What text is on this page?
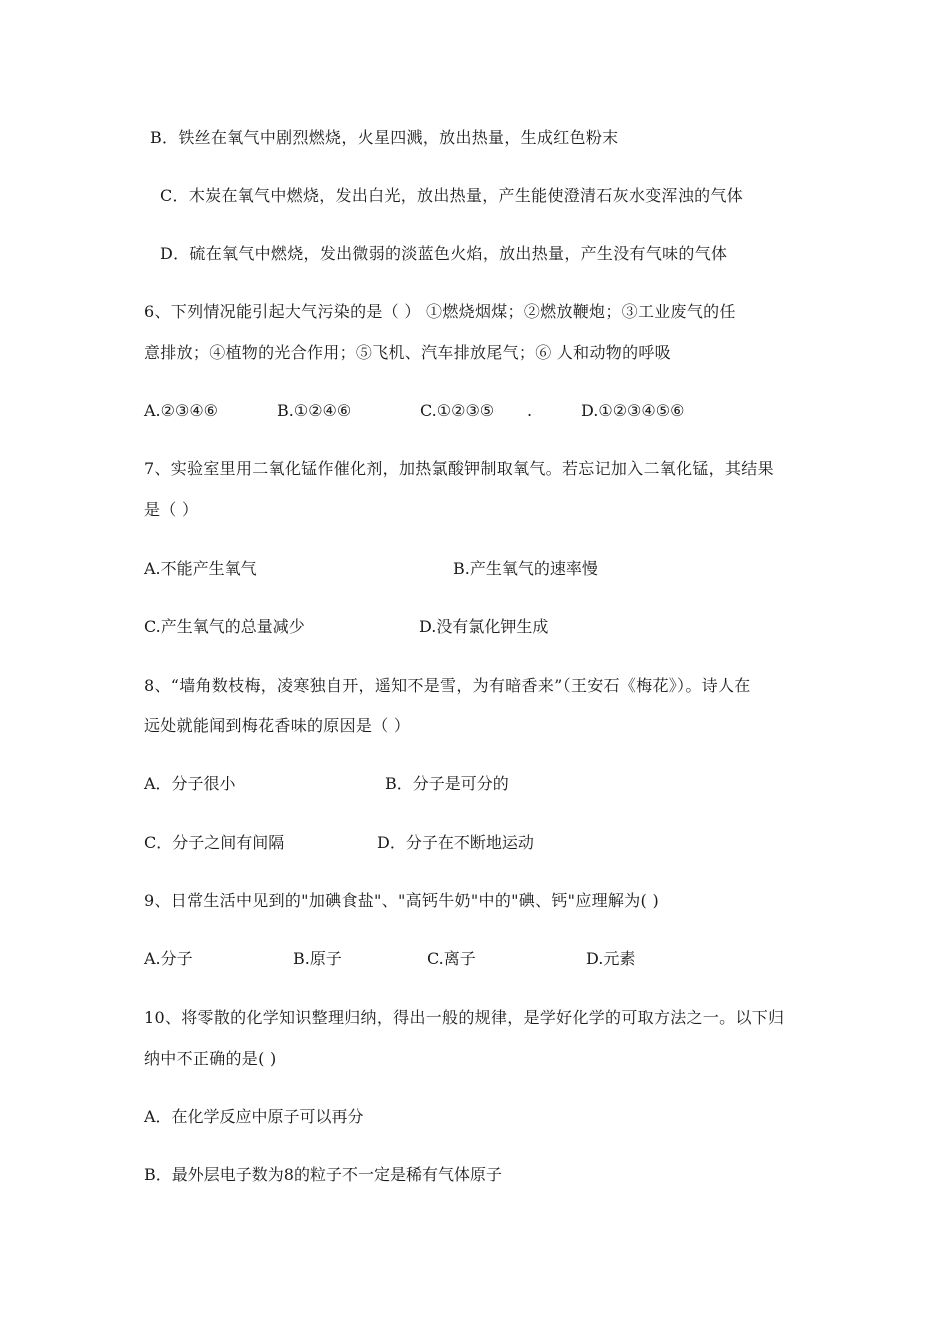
B．铁丝在氧气中剧烈燃烧，火星四溅，放出热量，生成红色粉末
C．木炭在氧气中燃烧，发出白光，放出热量，产生能使澄清石灰水变浑浊的气体
D．硫在氧气中燃烧，发出微弱的淡蓝色火焰，放出热量，产生没有气味的气体
6、下列情况能引起大气污染的是（ ） ①燃烧烟煤；②燃放鞭炮；③工业废气的任
意排放；④植物的光合作用；⑤飞机、汽车排放尾气；⑥ 人和动物的呼吸
A.②③④⑥	B.①②④⑥	C.①②③⑤ .	D.①②③④⑤⑥
7、实验室里用二氧化锰作催化剂，加热氯酸钾制取氧气。若忘记加入二氧化锰，其结果
是（ ）
A.不能产生氧气	B.产生氧气的速率慢
C.产生氧气的总量减少	D.没有氯化钾生成
8、“墙角数枝梅，凌寒独自开，遥知不是雪，为有暗香来”（王安石《梅花》）。诗人在
远处就能闻到梅花香味的原因是（ ）
A．分子很小	B．分子是可分的
C．分子之间有间隔	D．分子在不断地运动
9、日常生活中见到的"加碘食盐"、"高钙牛奶"中的"碘、钙"应理解为( )
A.分子	B.原子	C.离子	D.元素
10、将零散的化学知识整理归纳，得出一般的规律，是学好化学的可取方法之一。以下归
纳中不正确的是( )
A．在化学反应中原子可以再分
B．最外层电子数为8的粒子不一定是稀有气体原子
